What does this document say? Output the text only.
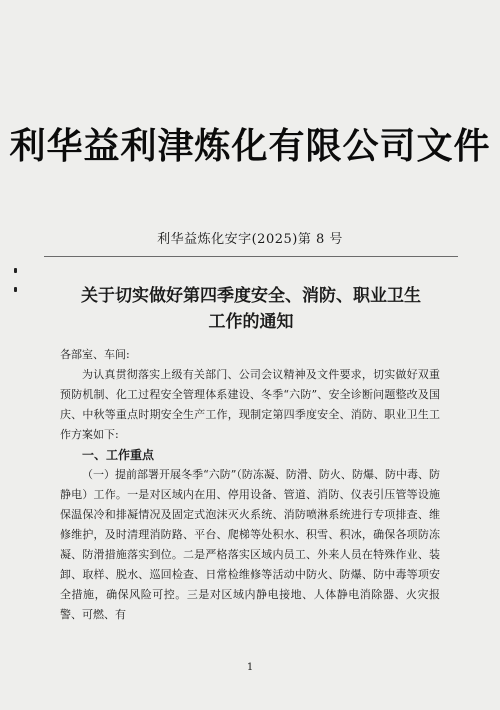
利华益利津炼化有限公司文件
利华益炼化安字(2025)第 8 号
关于切实做好第四季度安全、消防、职业卫生
工作的通知

各部室、车间:

为认真贯彻落实上级有关部门、公司会议精神及文件要求，切实做好双重预防机制、化工过程安全管理体系建设、冬季“六防”、安全诊断问题整改及国庆、中秋等重点时期安全生产工作，现制定第四季度安全、消防、职业卫生工作方案如下:

一、工作重点

（一）提前部署开展冬季“六防”（防冻凝、防滑、防火、防爆、防中毒、防静电）工作。一是对区域内在用、停用设备、管道、消防、仪表引压管等设施保温保冷和排凝情况及固定式泡沫灭火系统、消防喷淋系统进行专项排查、维修维护，及时清理消防路、平台、爬梯等处积水、积雪、积冰，确保各项防冻凝、防滑措施落实到位。二是严格落实区域内员工、外来人员在特殊作业、装卸、取样、脱水、巡回检查、日常检维修等活动中防火、防爆、防中毒等项安全措施，确保风险可控。三是对区域内静电接地、人体静电消除器、火灾报警、可燃、有

1
